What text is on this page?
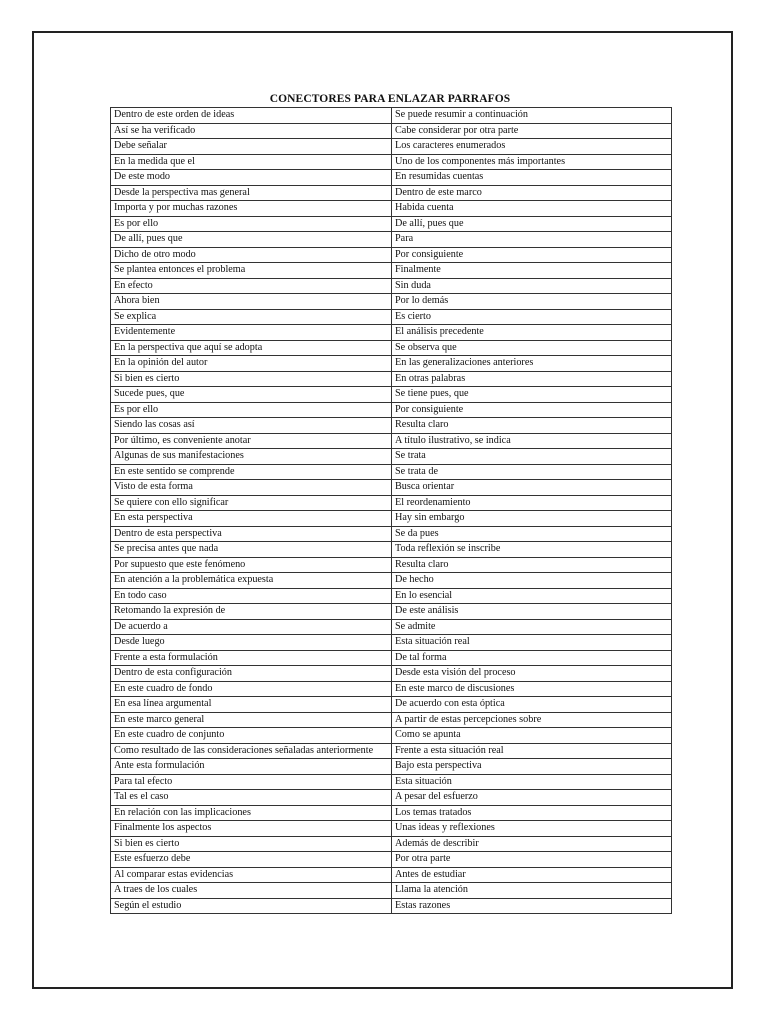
CONECTORES PARA ENLAZAR PARRAFOS
Dentro de este orden de ideas	Se puede resumir a continuación
Así se ha verificado	Cabe considerar por otra parte
Debe señalar	Los caracteres enumerados
En la medida que el	Uno de los componentes más importantes
De este modo	En resumidas cuentas
Desde la perspectiva mas general	Dentro de este marco
Importa y por muchas razones	Habida cuenta
Es por ello	De allí, pues que
De allí, pues que	Para
Dicho de otro modo	Por consiguiente
Se plantea entonces el problema	Finalmente
En efecto	Sin duda
Ahora bien	Por lo demás
Se explica	Es cierto
Evidentemente	El análisis precedente
En la perspectiva que aquí se adopta	Se observa que
En la opinión del autor	En las generalizaciones anteriores
Si bien es cierto	En otras palabras
Sucede pues, que	Se tiene pues, que
Es por ello	Por consiguiente
Siendo las cosas así	Resulta claro
Por último, es conveniente anotar	A título ilustrativo, se indica
Algunas de sus manifestaciones	Se trata
En este sentido se comprende	Se trata de
Visto de esta forma	Busca orientar
Se quiere con ello significar	El reordenamiento
En esta perspectiva	Hay sin embargo
Dentro de esta perspectiva	Se da pues
Se precisa antes que nada	Toda reflexión se inscribe
Por supuesto que este fenómeno	Resulta claro
En atención a la problemática expuesta	De hecho
En todo caso	En lo esencial
Retomando la expresión de	De este análisis
De acuerdo a	Se admite
Desde luego	Esta situación real
Frente a esta formulación	De tal forma
Dentro de esta configuración	Desde esta visión del proceso
En este cuadro de fondo	En este marco de discusiones
En esa línea argumental	De acuerdo con esta óptica
En este marco general	A partir de estas percepciones sobre
En este cuadro de conjunto	Como se apunta
Como resultado de las consideraciones señaladas anteriormente	Frente a esta situación real
Ante esta formulación	Bajo esta perspectiva
Para tal efecto	Esta situación
Tal es el caso	A pesar del esfuerzo
En relación con las implicaciones	Los temas tratados
Finalmente los aspectos	Unas ideas y reflexiones
Si bien es cierto	Además de describir
Este esfuerzo debe	Por otra parte
Al comparar estas evidencias	Antes de estudiar
A traes de los cuales	Llama la atención
Según el estudio	Estas razones
